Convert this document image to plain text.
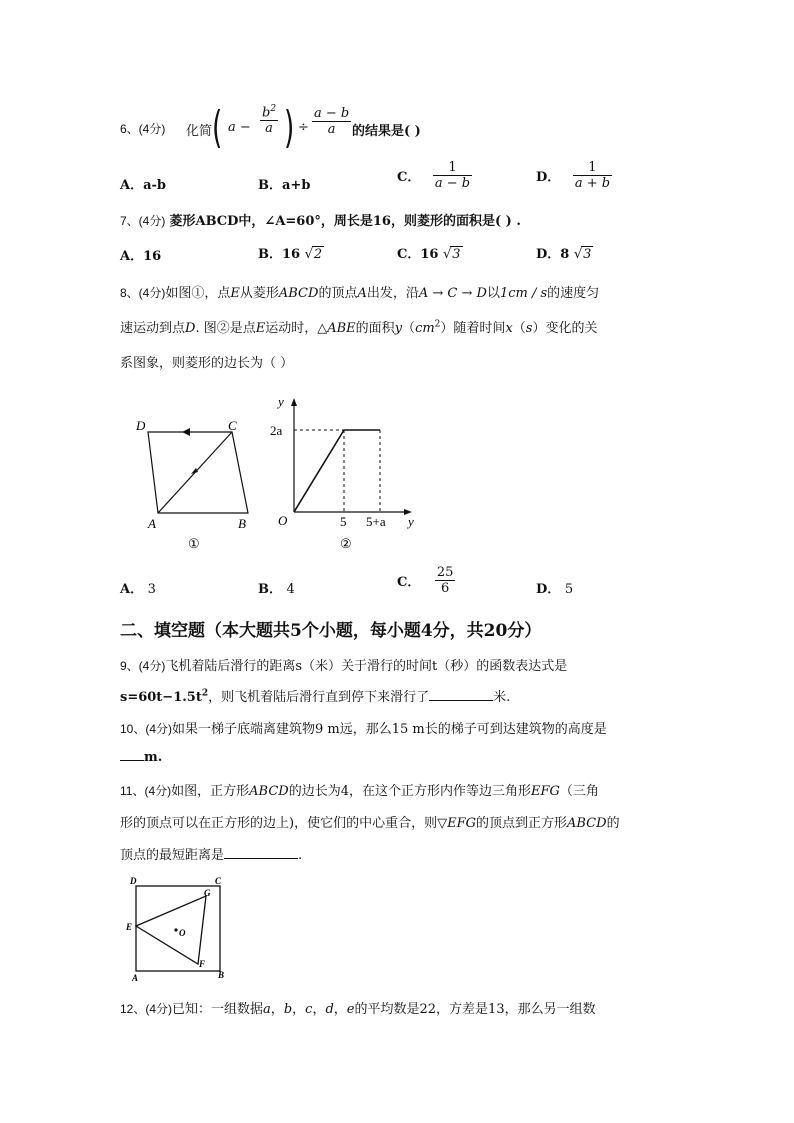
6、(4分) 化简 ( $a - \frac{b^2}{a}$ ) ÷ $\frac{a - b}{a}$ 的结果是( )
A．a-b	B．a+b
C． $\frac{1}{a - b}$	D． $\frac{1}{a + b}$
7、(4分) 菱形ABCD中，∠A=60°，周长是16，则菱形的面积是( ) .
A．16	B．16 √2	C．16 √3	D．8 √3
8、(4分)如图①，点E从菱形ABCD的顶点A出发，沿A → C → D以1cm / s的速度匀
速运动到点D. 图②是点E运动时，△ABE的面积$y(cm^2)$随着时间x（s）变化的关
系图象，则菱形的边长为（ ）
D	C
A	B
①
y
2a
O	5 5+a y
②
A． 3	B． 4	C． $\frac{25}{6}$	D． 5
二、填空题（本大题共5个小题，每小题4分，共20分）
9、(4分)飞机着陆后滑行的距离s（米）关于滑行的时间t（秒）的函数表达式是
$s=60t-1.5t^2$，则飞机着陆后滑行直到停下来滑行了	米.
10、(4分)如果一梯子底端离建筑物9 m远，那么15 m长的梯子可到达建筑物的高度是
m.
11、(4分)如图，正方形ABCD的边长为4，在这个正方形内作等边三角形EFG（三角
形的顶点可以在正方形的边上)，使它们的中心重合，则▽EFG的顶点到正方形ABCD的
顶点的最短距离是	.
D	C
G
E
O
F
A	B
12、(4分)已知：一组数据a，b，c，d，e的平均数是22，方差是13，那么另一组数
